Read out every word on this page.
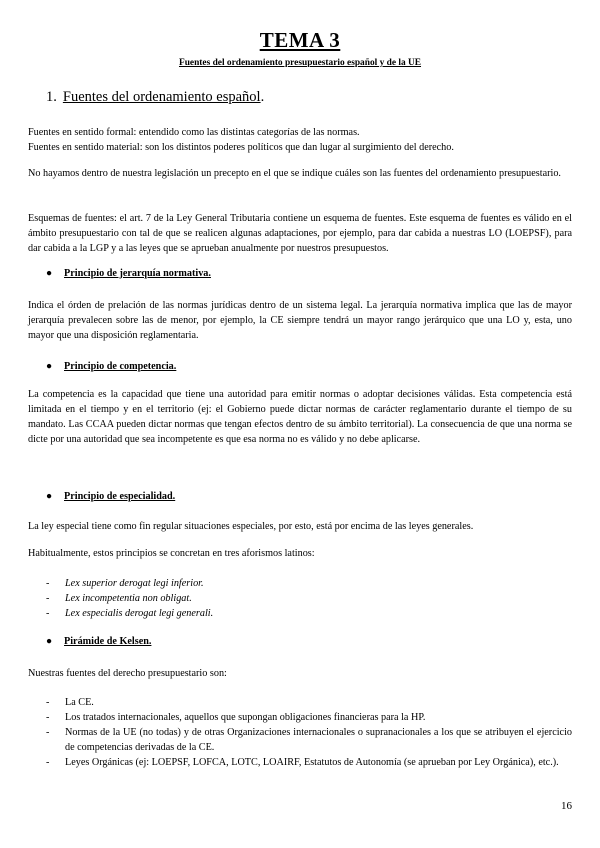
TEMA 3
Fuentes del ordenamiento presupuestario español y de la UE
1. Fuentes del ordenamiento español.
Fuentes en sentido formal: entendido como las distintas categorías de las normas.
Fuentes en sentido material: son los distintos poderes políticos que dan lugar al surgimiento del derecho.
No hayamos dentro de nuestra legislación un precepto en el que se indique cuáles son las fuentes del ordenamiento presupuestario.
Esquemas de fuentes: el art. 7 de la Ley General Tributaria contiene un esquema de fuentes. Este esquema de fuentes es válido en el ámbito presupuestario con tal de que se realicen algunas adaptaciones, por ejemplo, para dar cabida a nuestras LO (LOEPSF), para dar cabida a la LGP y a las leyes que se aprueban anualmente por nuestros presupuestos.
● Principio de jerarquía normativa.
Indica el órden de prelación de las normas jurídicas dentro de un sistema legal. La jerarquía normativa implica que las de mayor jerarquía prevalecen sobre las de menor, por ejemplo, la CE siempre tendrá un mayor rango jerárquico que una LO y, esta, uno mayor que una disposición reglamentaria.
● Principio de competencia.
La competencia es la capacidad que tiene una autoridad para emitir normas o adoptar decisiones válidas. Esta competencia está limitada en el tiempo y en el territorio (ej: el Gobierno puede dictar normas de carácter reglamentario durante el tiempo de su mandato. Las CCAA pueden dictar normas que tengan efectos dentro de su ámbito territorial). La consecuencia de que una norma se dicte por una autoridad que sea incompetente es que esa norma no es válido y no debe aplicarse.
● Principio de especialidad.
La ley especial tiene como fin regular situaciones especiales, por esto, está por encima de las leyes generales.
Habitualmente, estos principios se concretan en tres aforismos latinos:
- Lex superior derogat legi inferior.
- Lex incompetentia non obligat.
- Lex especialis derogat legi generali.
● Pirámide de Kelsen.
Nuestras fuentes del derecho presupuestario son:
- La CE.
- Los tratados internacionales, aquellos que supongan obligaciones financieras para la HP.
- Normas de la UE (no todas) y de otras Organizaciones internacionales o supranacionales a los que se atribuyen el ejercicio de competencias derivadas de la CE.
- Leyes Orgánicas (ej: LOEPSF, LOFCA, LOTC, LOAIRF, Estatutos de Autonomía (se aprueban por Ley Orgánica), etc.).
16
